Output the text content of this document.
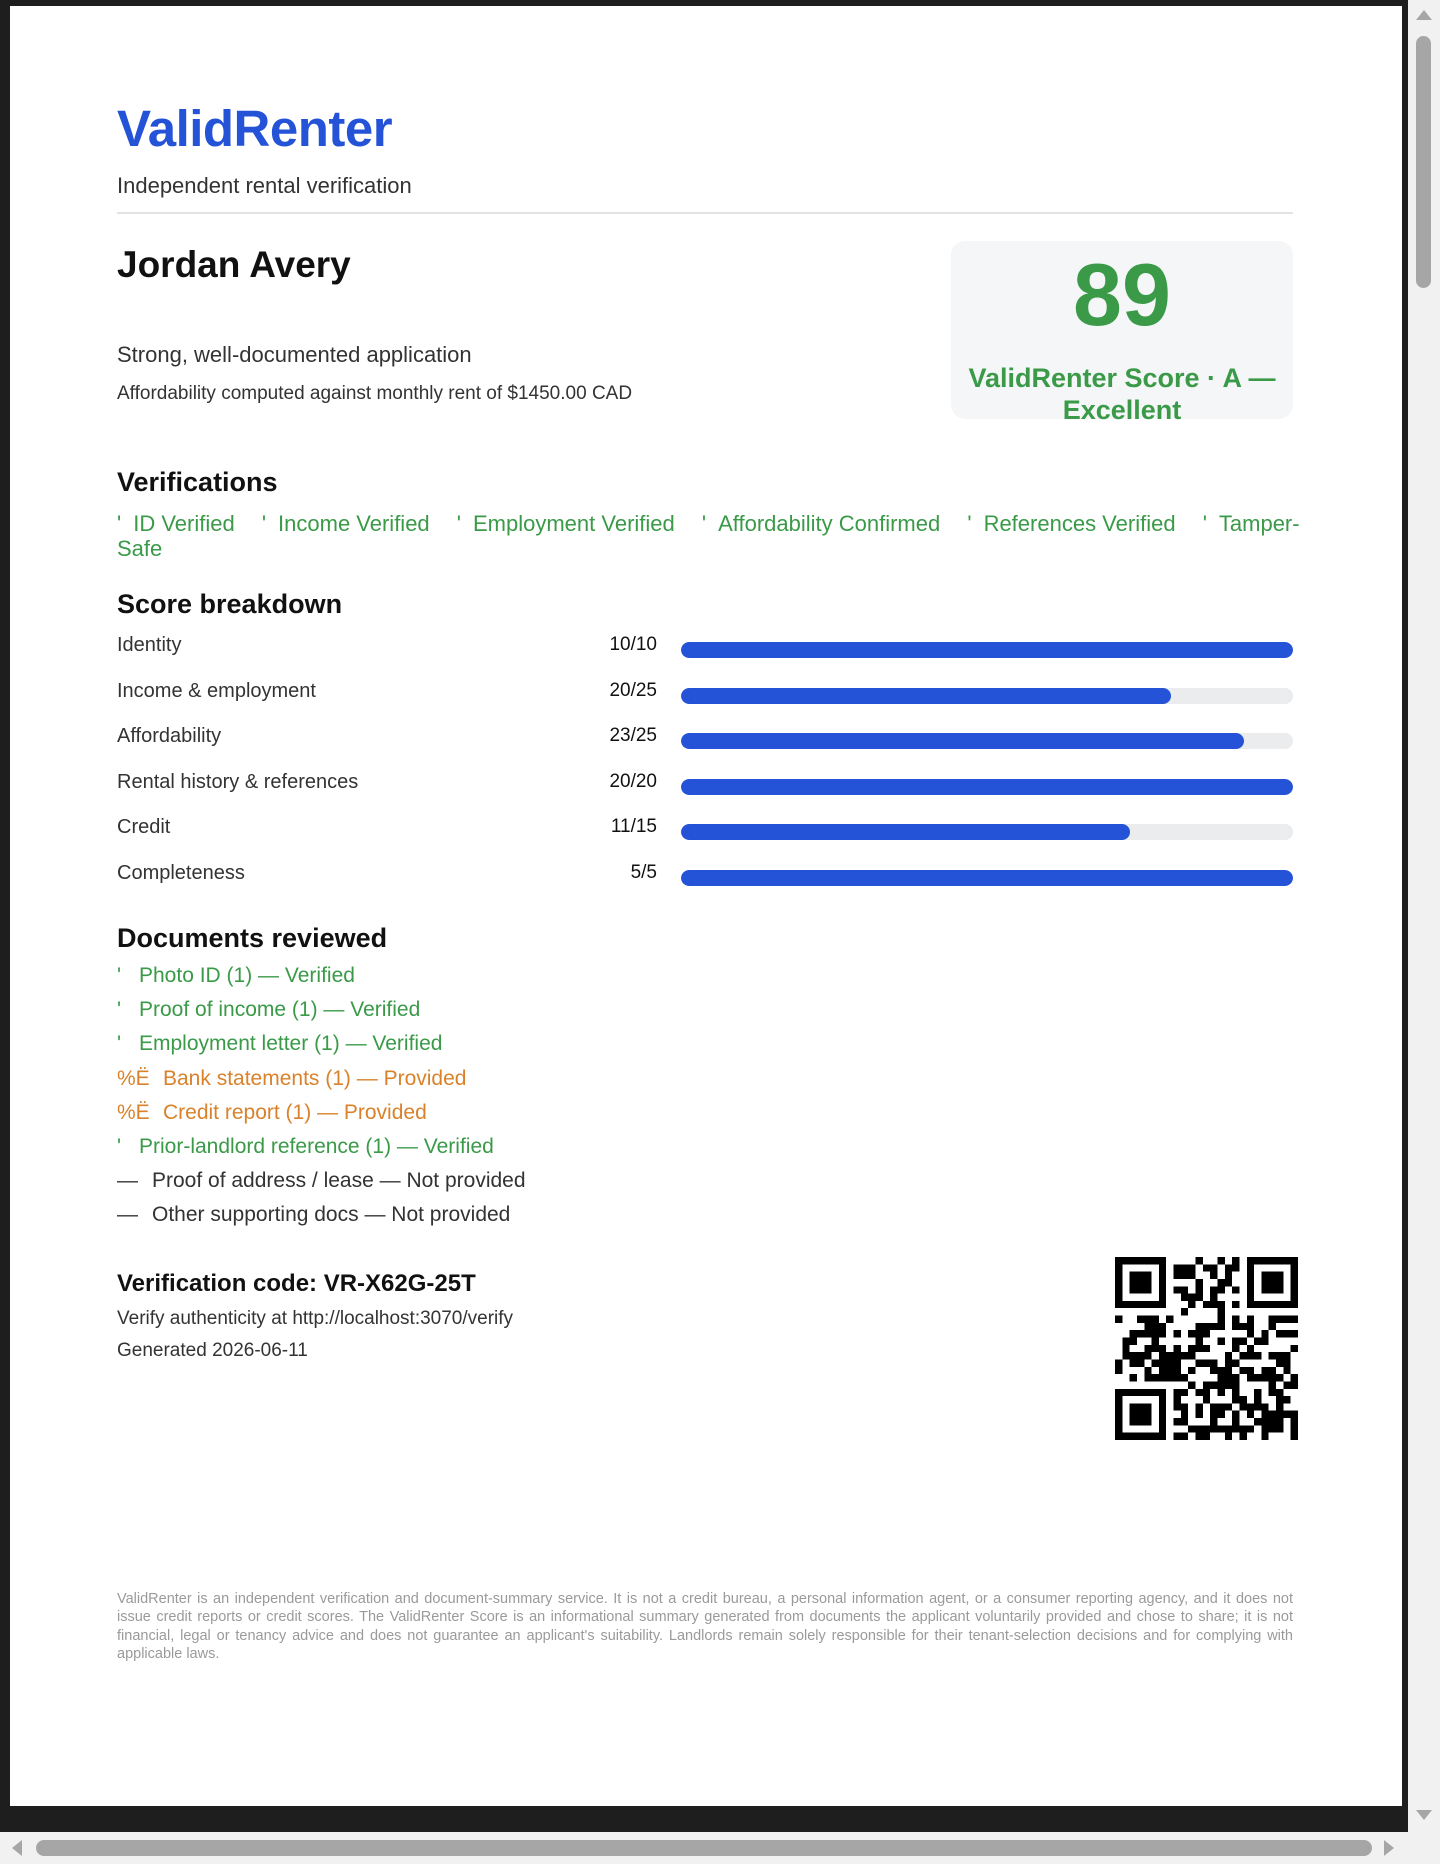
ValidRenter
Independent rental verification
Jordan Avery
Strong, well-documented application
Affordability computed against monthly rent of $1450.00 CAD
89
ValidRenter Score · A — Excellent
Verifications
' ID Verified ' Income Verified ' Employment Verified ' Affordability Confirmed ' References Verified ' Tamper-Safe
Score breakdown
Identity	10/10
Income & employment	20/25
Affordability	23/25
Rental history & references	20/20
Credit	11/15
Completeness	5/5
Documents reviewed
' Photo ID (1) — Verified
' Proof of income (1) — Verified
' Employment letter (1) — Verified
%Ë Bank statements (1) — Provided
%Ë Credit report (1) — Provided
' Prior-landlord reference (1) — Verified
— Proof of address / lease — Not provided
— Other supporting docs — Not provided
Verification code: VR-X62G-25T
Verify authenticity at http://localhost:3070/verify
Generated 2026-06-11
ValidRenter is an independent verification and document-summary service. It is not a credit bureau, a personal information agent, or a consumer reporting agency, and it does not issue credit reports or credit scores. The ValidRenter Score is an informational summary generated from documents the applicant voluntarily provided and chose to share; it is not financial, legal or tenancy advice and does not guarantee an applicant's suitability. Landlords remain solely responsible for their tenant-selection decisions and for complying with applicable laws.
